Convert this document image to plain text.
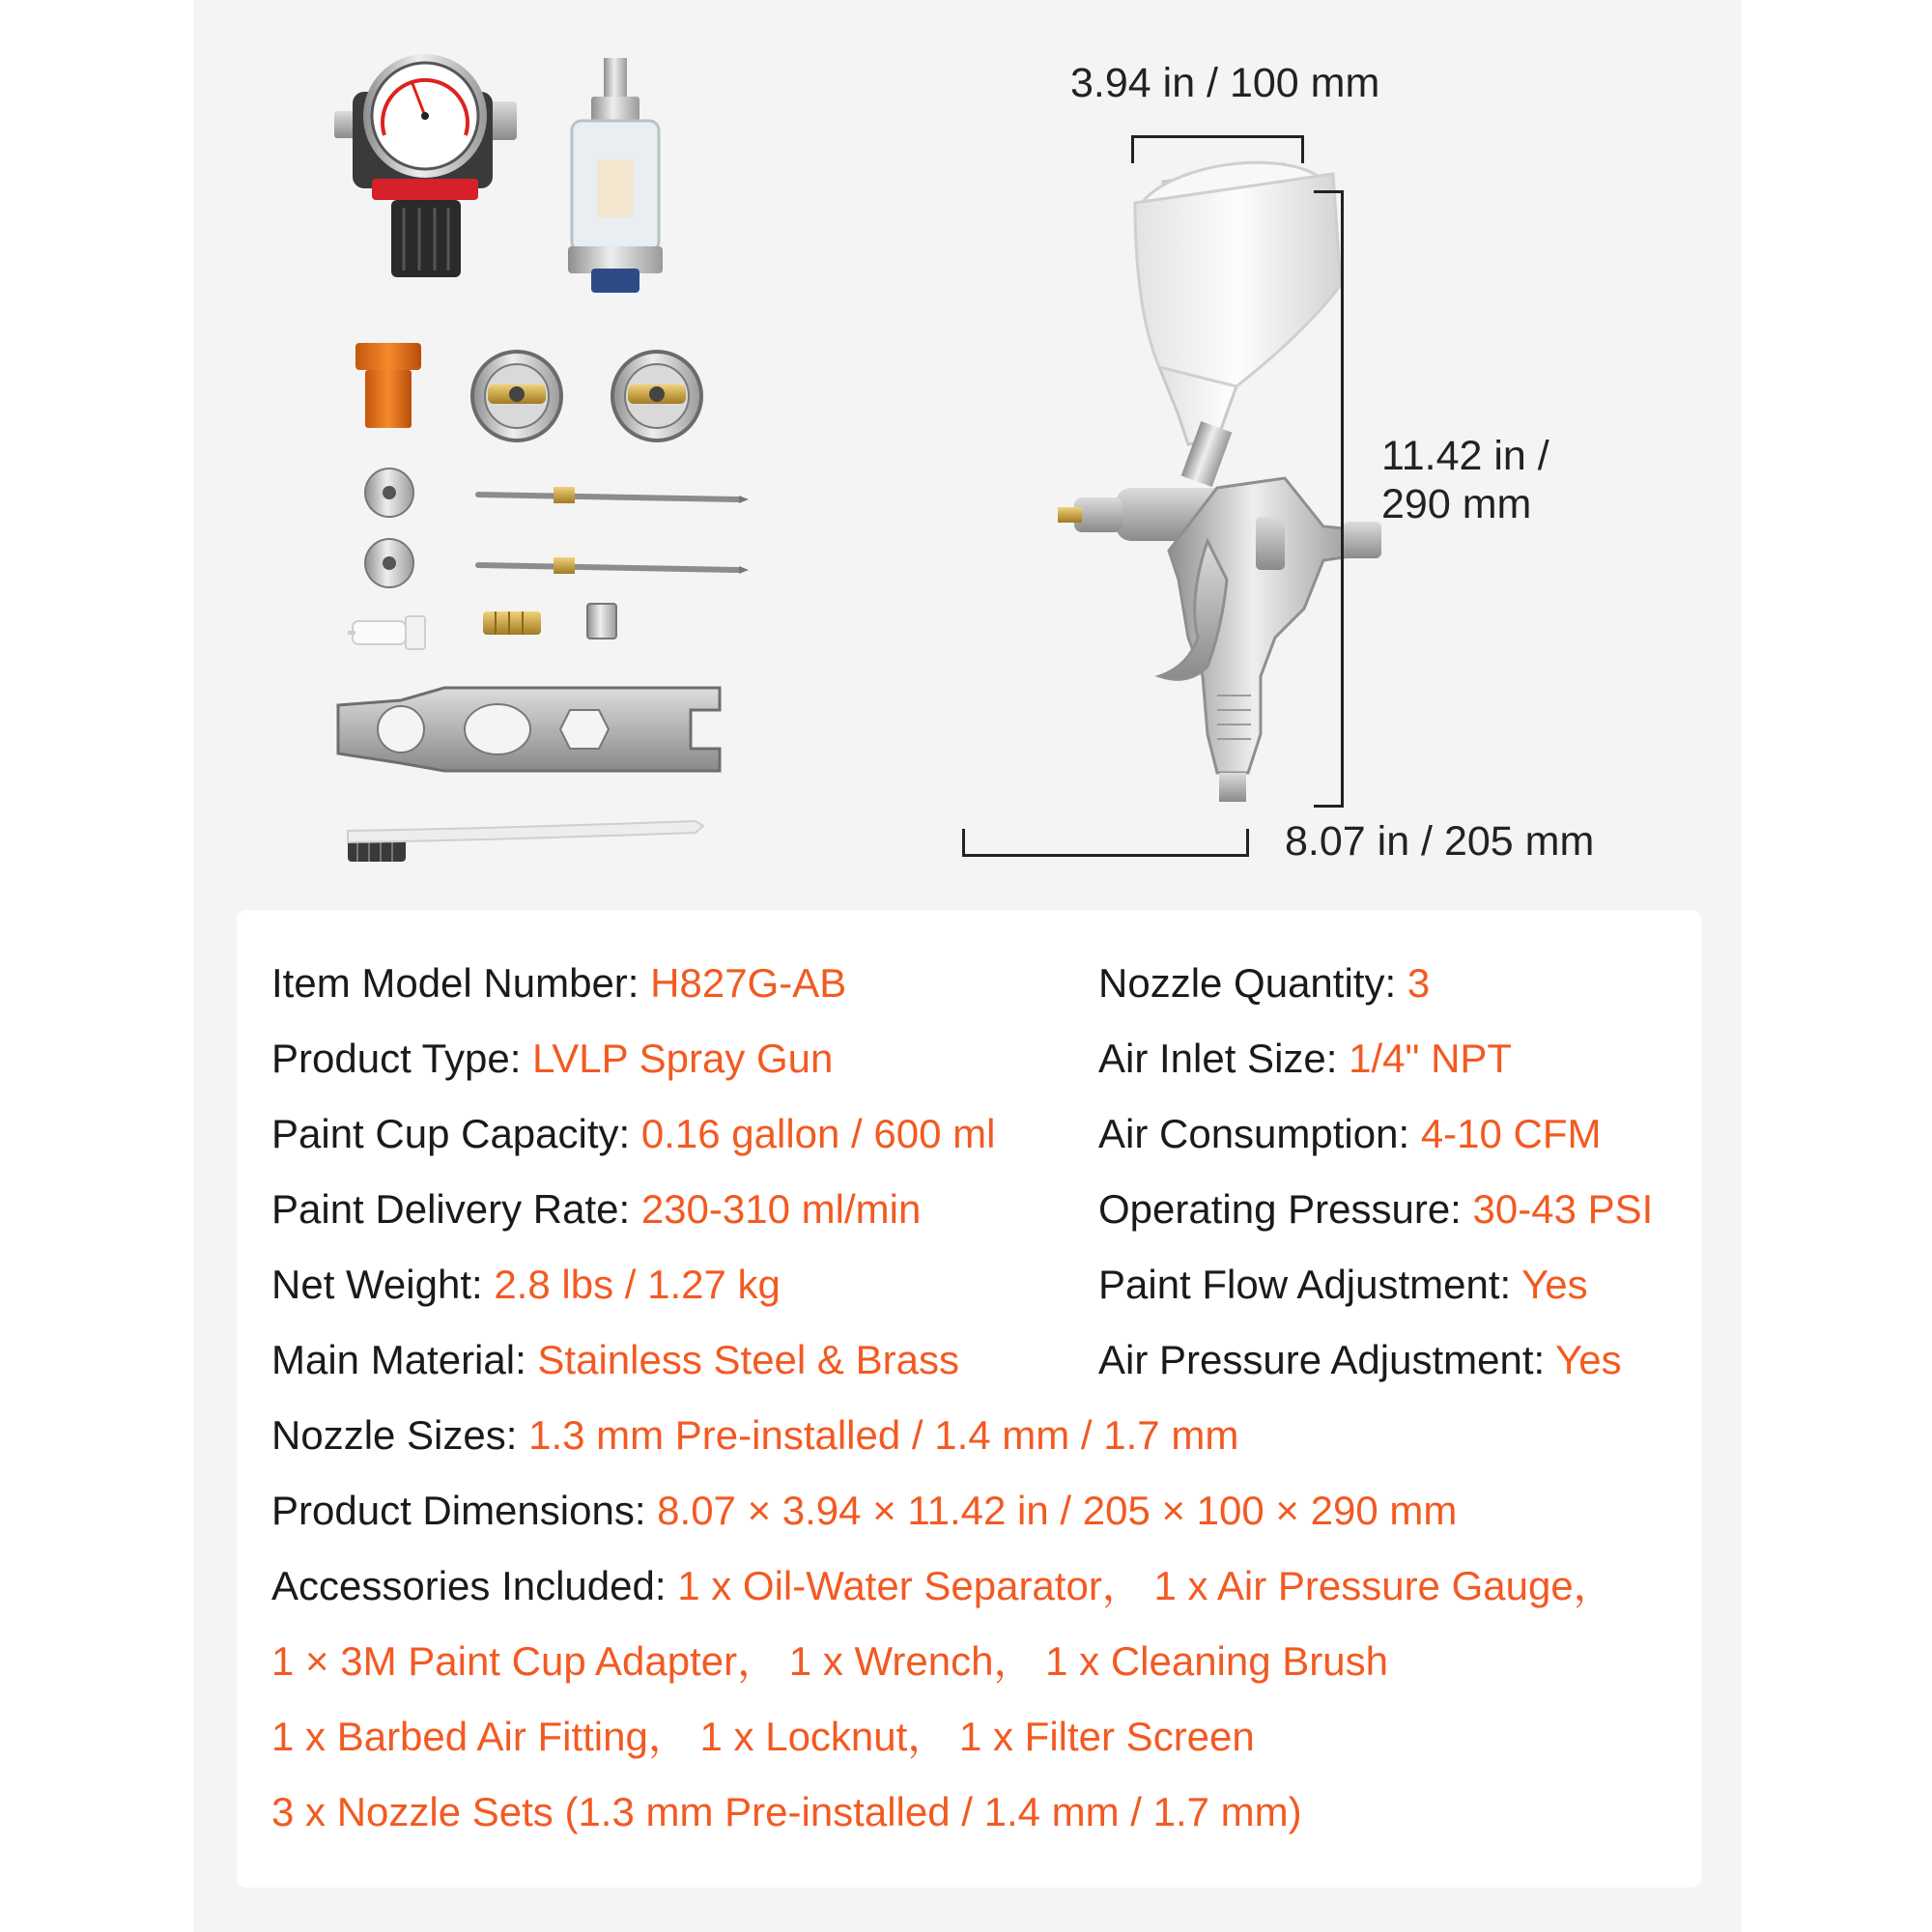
3.94 in / 100 mm
11.42 in /
290 mm
8.07 in / 205 mm
Item Model Number: H827G-AB
Product Type: LVLP Spray Gun
Paint Cup Capacity: 0.16 gallon / 600 ml
Paint Delivery Rate: 230-310 ml/min
Net Weight: 2.8 lbs / 1.27 kg
Main Material: Stainless Steel & Brass
Nozzle Quantity: 3
Air Inlet Size: 1/4" NPT
Air Consumption: 4-10 CFM
Operating Pressure: 30-43 PSI
Paint Flow Adjustment: Yes
Air Pressure Adjustment: Yes
Nozzle Sizes: 1.3 mm Pre-installed / 1.4 mm / 1.7 mm
Product Dimensions: 8.07 × 3.94 × 11.42 in / 205 × 100 × 290 mm
Accessories Included: 1 x Oil-Water Separator， 1 x Air Pressure Gauge，
1 × 3M Paint Cup Adapter， 1 x Wrench， 1 x Cleaning Brush
1 x Barbed Air Fitting， 1 x Locknut， 1 x Filter Screen
3 x Nozzle Sets (1.3 mm Pre-installed / 1.4 mm / 1.7 mm)
